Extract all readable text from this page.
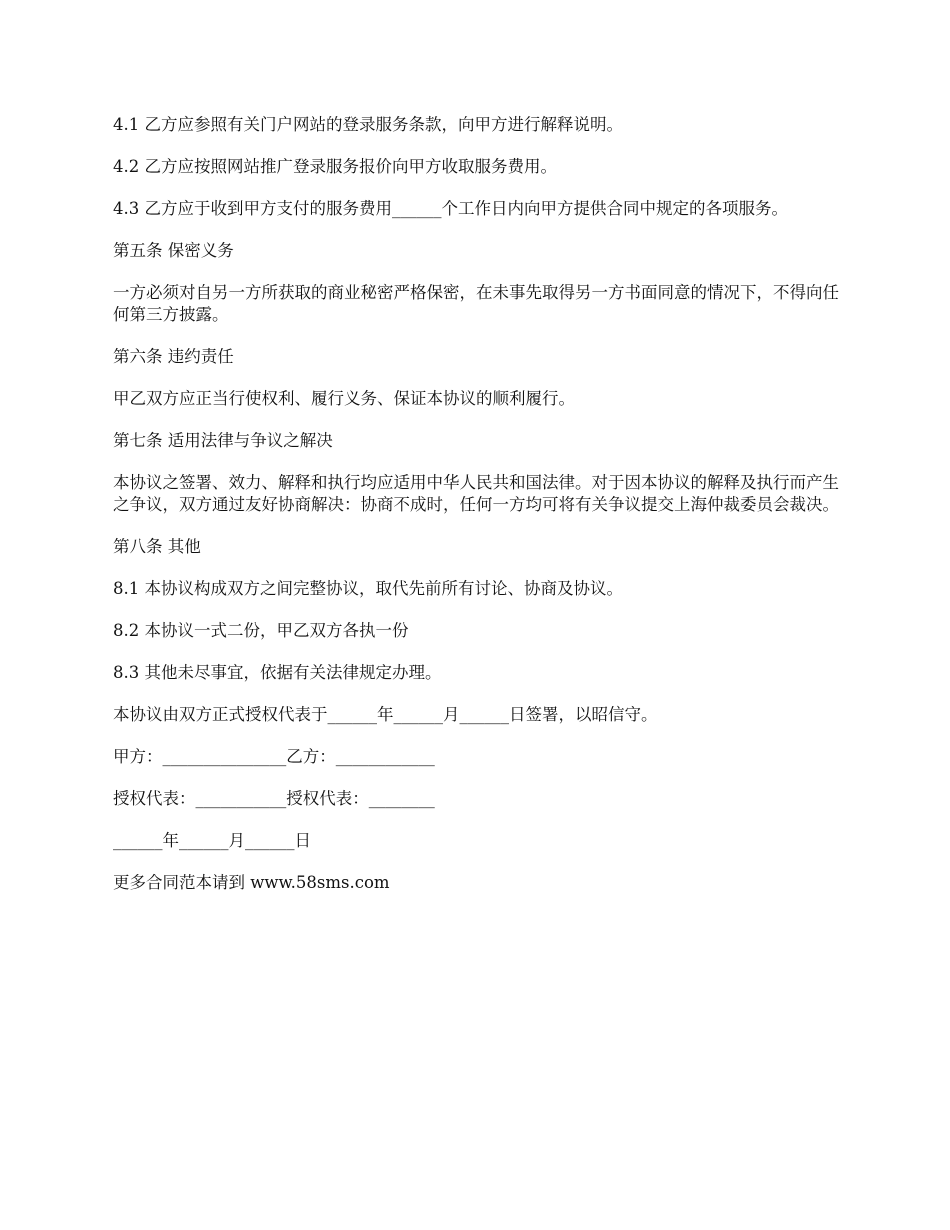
4.1 乙方应参照有关门户网站的登录服务条款，向甲方进行解释说明。

4.2 乙方应按照网站推广登录服务报价向甲方收取服务费用。

4.3 乙方应于收到甲方支付的服务费用______个工作日内向甲方提供合同中规定的各项服务。

第五条 保密义务

一方必须对自另一方所获取的商业秘密严格保密，在未事先取得另一方书面同意的情况下，不得向任何第三方披露。

第六条 违约责任

甲乙双方应正当行使权利、履行义务、保证本协议的顺利履行。

第七条 适用法律与争议之解决

本协议之签署、效力、解释和执行均应适用中华人民共和国法律。对于因本协议的解释及执行而产生之争议，双方通过友好协商解决：协商不成时，任何一方均可将有关争议提交上海仲裁委员会裁决。

第八条 其他

8.1 本协议构成双方之间完整协议，取代先前所有讨论、协商及协议。

8.2 本协议一式二份，甲乙双方各执一份

8.3 其他未尽事宜，依据有关法律规定办理。

本协议由双方正式授权代表于______年______月______日签署，以昭信守。

甲方：_______________乙方：____________

授权代表：___________授权代表：________

______年______月______日

更多合同范本请到 www.58sms.com
